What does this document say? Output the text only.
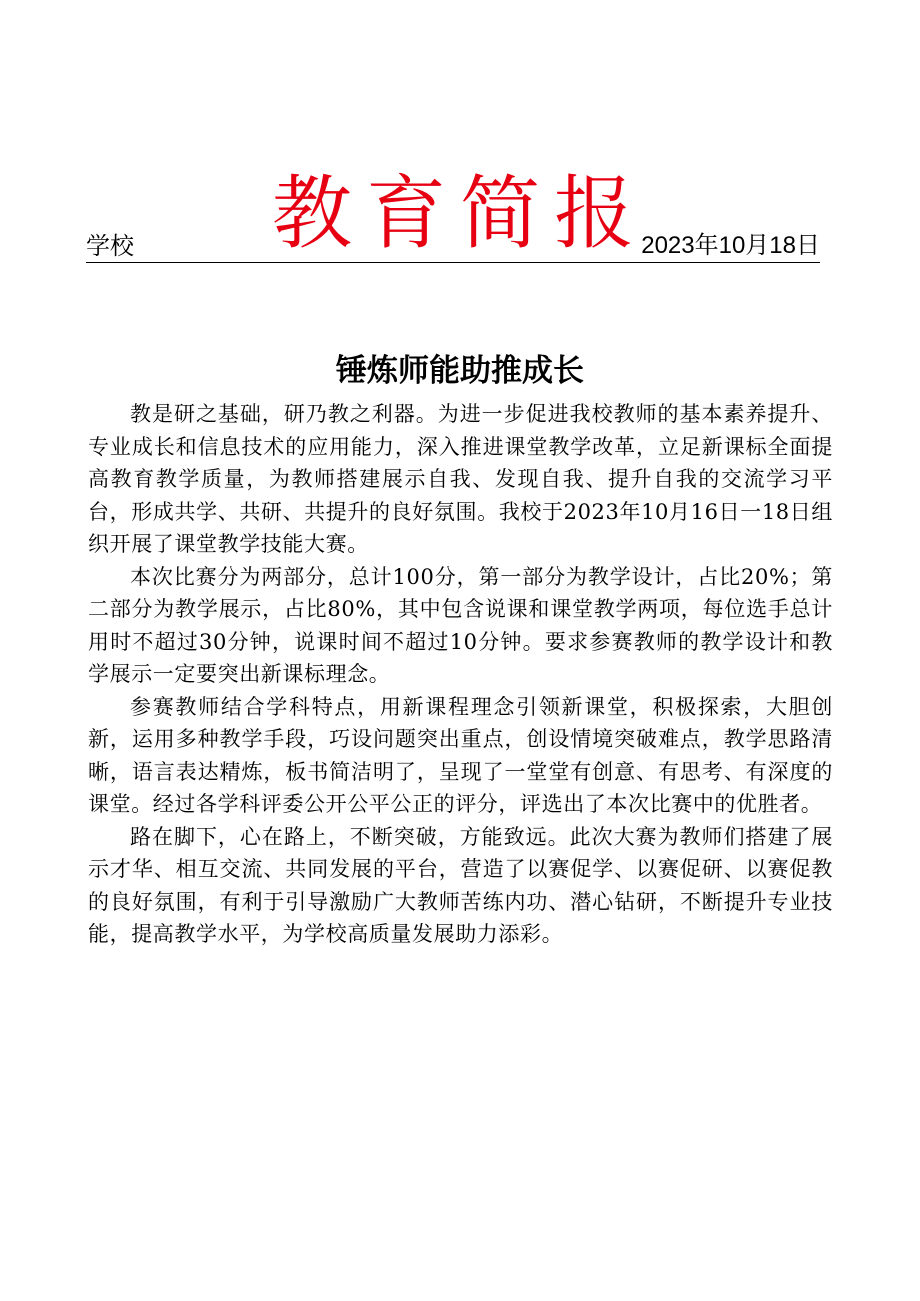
教育简报
学校	2023年10月18日
锤炼师能助推成长

教是研之基础，研乃教之利器。为进一步促进我校教师的基本素养提升、专业成长和信息技术的应用能力，深入推进课堂教学改革，立足新课标全面提高教育教学质量，为教师搭建展示自我、发现自我、提升自我的交流学习平台，形成共学、共研、共提升的良好氛围。我校于2023年10月16日一18日组织开展了课堂教学技能大赛。

本次比赛分为两部分，总计100分，第一部分为教学设计，占比20%；第二部分为教学展示，占比80%，其中包含说课和课堂教学两项，每位选手总计用时不超过30分钟，说课时间不超过10分钟。要求参赛教师的教学设计和教学展示一定要突出新课标理念。

参赛教师结合学科特点，用新课程理念引领新课堂，积极探索，大胆创新，运用多种教学手段，巧设问题突出重点，创设情境突破难点，教学思路清晰，语言表达精炼，板书简洁明了，呈现了一堂堂有创意、有思考、有深度的课堂。经过各学科评委公开公平公正的评分，评选出了本次比赛中的优胜者。

路在脚下，心在路上，不断突破，方能致远。此次大赛为教师们搭建了展示才华、相互交流、共同发展的平台，营造了以赛促学、以赛促研、以赛促教的良好氛围，有利于引导激励广大教师苦练内功、潜心钻研，不断提升专业技能，提高教学水平，为学校高质量发展助力添彩。
